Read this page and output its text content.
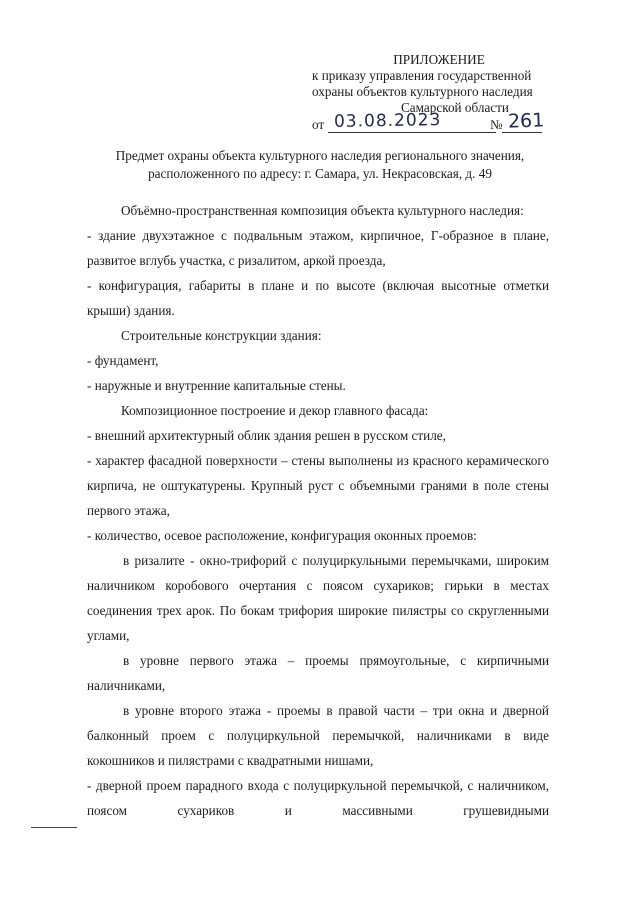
ПРИЛОЖЕНИЕ
к приказу управления государственной
охраны объектов культурного наследия
Самарской области
от 03.08.2023	№ 261
Предмет охраны объекта культурного наследия регионального значения,
расположенного по адресу: г. Самара, ул. Некрасовская, д. 49

Объёмно-пространственная композиция объекта культурного наследия:

- здание двухэтажное с подвальным этажом, кирпичное, Г-образное в плане, развитое вглубь участка, с ризалитом, аркой проезда,

- конфигурация, габариты в плане и по высоте (включая высотные отметки крыши) здания.

Строительные конструкции здания:

- фундамент,

- наружные и внутренние капитальные стены.

Композиционное построение и декор главного фасада:

- внешний архитектурный облик здания решен в русском стиле,

- характер фасадной поверхности – стены выполнены из красного керамического кирпича, не оштукатурены. Крупный руст с объемными гранями в поле стены первого этажа,

- количество, осевое расположение, конфигурация оконных проемов:

в ризалите - окно-трифорий с полуциркульными перемычками, широким наличником коробового очертания с поясом сухариков; гирьки в местах соединения трех арок. По бокам трифория широкие пилястры со скругленными углами,

в уровне первого этажа – проемы прямоугольные, с кирпичными наличниками,

в уровне второго этажа - проемы в правой части – три окна и дверной балконный проем с полуциркульной перемычкой, наличниками в виде кокошников и пилястрами с квадратными нишами,

- дверной проем парадного входа с полуциркульной перемычкой, с наличником, поясом сухариков и массивными грушевидными
